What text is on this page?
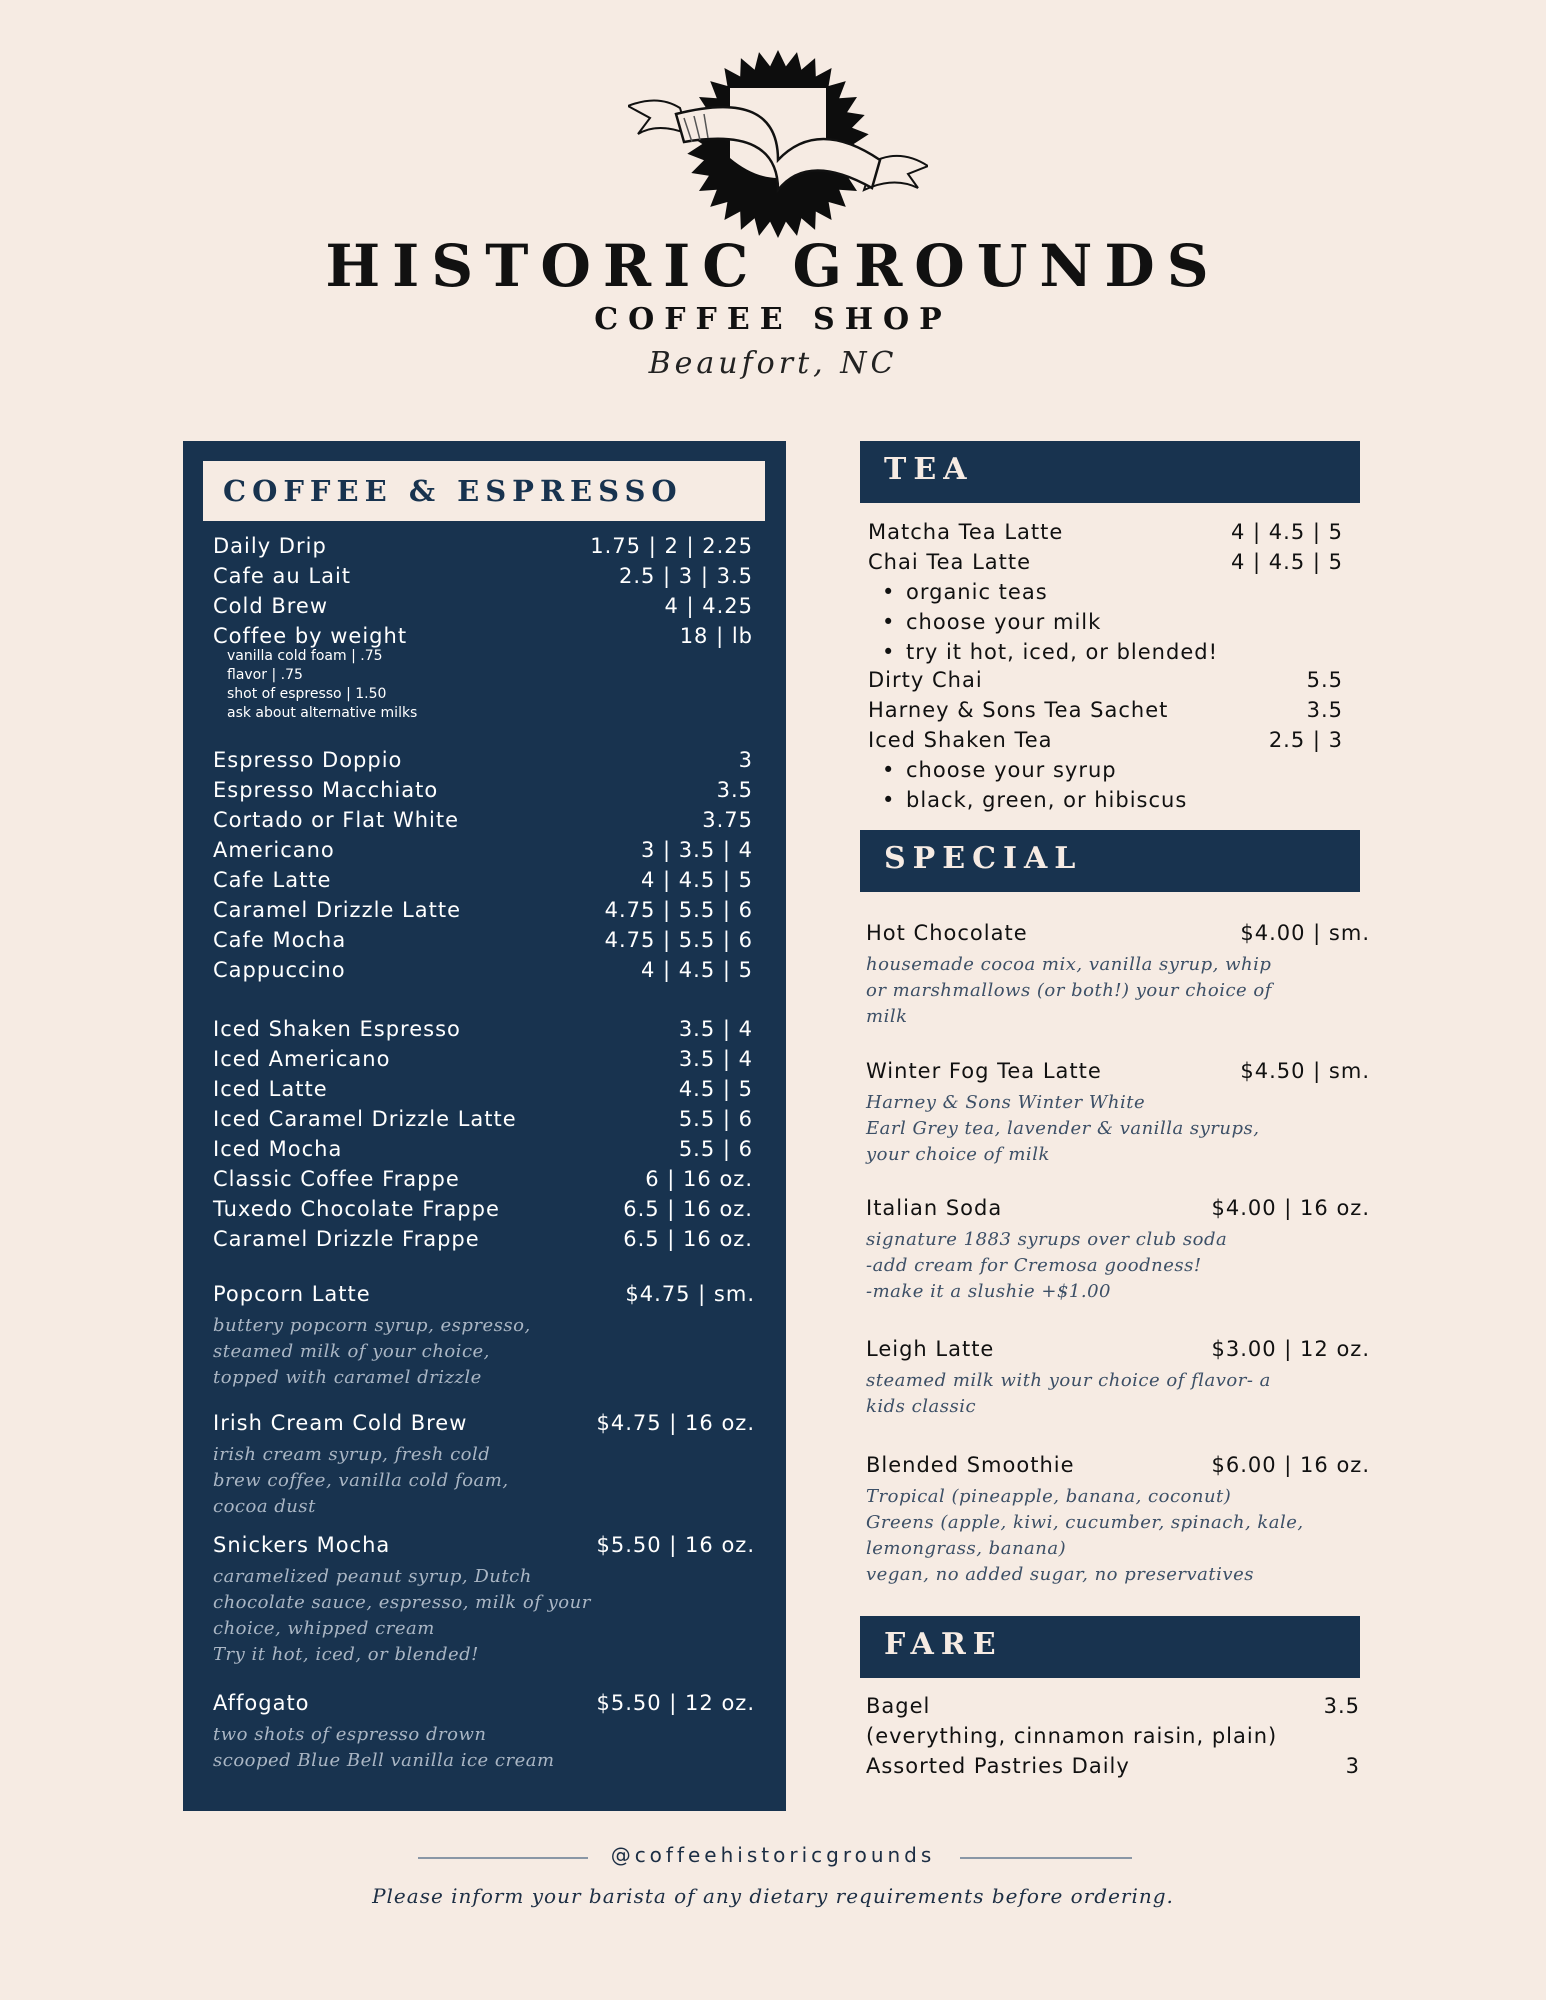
HISTORIC GROUNDS
COFFEE SHOP
Beaufort, NC
COFFEE & ESPRESSO
vanilla cold foam | .75
flavor | .75
shot of espresso | 1.50
ask about alternative milks
Daily Drip	1.75 | 2 | 2.25
Cafe au Lait	2.5 | 3 | 3.5
Cold Brew	4 | 4.25
Coffee by weight	18 | lb
Espresso Doppio	3
Espresso Macchiato	3.5
Cortado or Flat White	3.75
Americano	3 | 3.5 | 4
Cafe Latte	4 | 4.5 | 5
Caramel Drizzle Latte	4.75 | 5.5 | 6
Cafe Mocha	4.75 | 5.5 | 6
Cappuccino	4 | 4.5 | 5
Iced Shaken Espresso	3.5 | 4
Iced Americano	3.5 | 4
Iced Latte	4.5 | 5
Iced Caramel Drizzle Latte	5.5 | 6
Iced Mocha	5.5 | 6
Classic Coffee Frappe	6 | 16 oz.
Tuxedo Chocolate Frappe	6.5 | 16 oz.
Caramel Drizzle Frappe	6.5 | 16 oz.
Popcorn Latte	$4.75 | sm.
buttery popcorn syrup, espresso,
steamed milk of your choice,
topped with caramel drizzle
Irish Cream Cold Brew	$4.75 | 16 oz.
irish cream syrup, fresh cold
brew coffee, vanilla cold foam,
cocoa dust
Snickers Mocha	$5.50 | 16 oz.
caramelized peanut syrup, Dutch
chocolate sauce, espresso, milk of your
choice, whipped cream
Try it hot, iced, or blended!
Affogato	$5.50 | 12 oz.
two shots of espresso drown
scooped Blue Bell vanilla ice cream
TEA
Matcha Tea Latte	4 | 4.5 | 5
Chai Tea Latte	4 | 4.5 | 5
Dirty Chai	5.5
Harney & Sons Tea Sachet	3.5
Iced Shaken Tea	2.5 | 3
• organic teas
• choose your milk
• try it hot, iced, or blended!
• choose your syrup
• black, green, or hibiscus
SPECIAL
Hot Chocolate	$4.00 | sm.
housemade cocoa mix, vanilla syrup, whip
or marshmallows (or both!) your choice of
milk
Winter Fog Tea Latte	$4.50 | sm.
Harney & Sons Winter White
Earl Grey tea, lavender & vanilla syrups,
your choice of milk
Italian Soda	$4.00 | 16 oz.
signature 1883 syrups over club soda
-add cream for Cremosa goodness!
-make it a slushie +$1.00
Leigh Latte	$3.00 | 12 oz.
steamed milk with your choice of flavor- a
kids classic
Blended Smoothie	$6.00 | 16 oz.
Tropical (pineapple, banana, coconut)
Greens (apple, kiwi, cucumber, spinach, kale,
lemongrass, banana)
vegan, no added sugar, no preservatives
FARE
Bagel	3.5
(everything, cinnamon raisin, plain)
Assorted Pastries Daily	3
@coffeehistoricgrounds
Please inform your barista of any dietary requirements before ordering.
